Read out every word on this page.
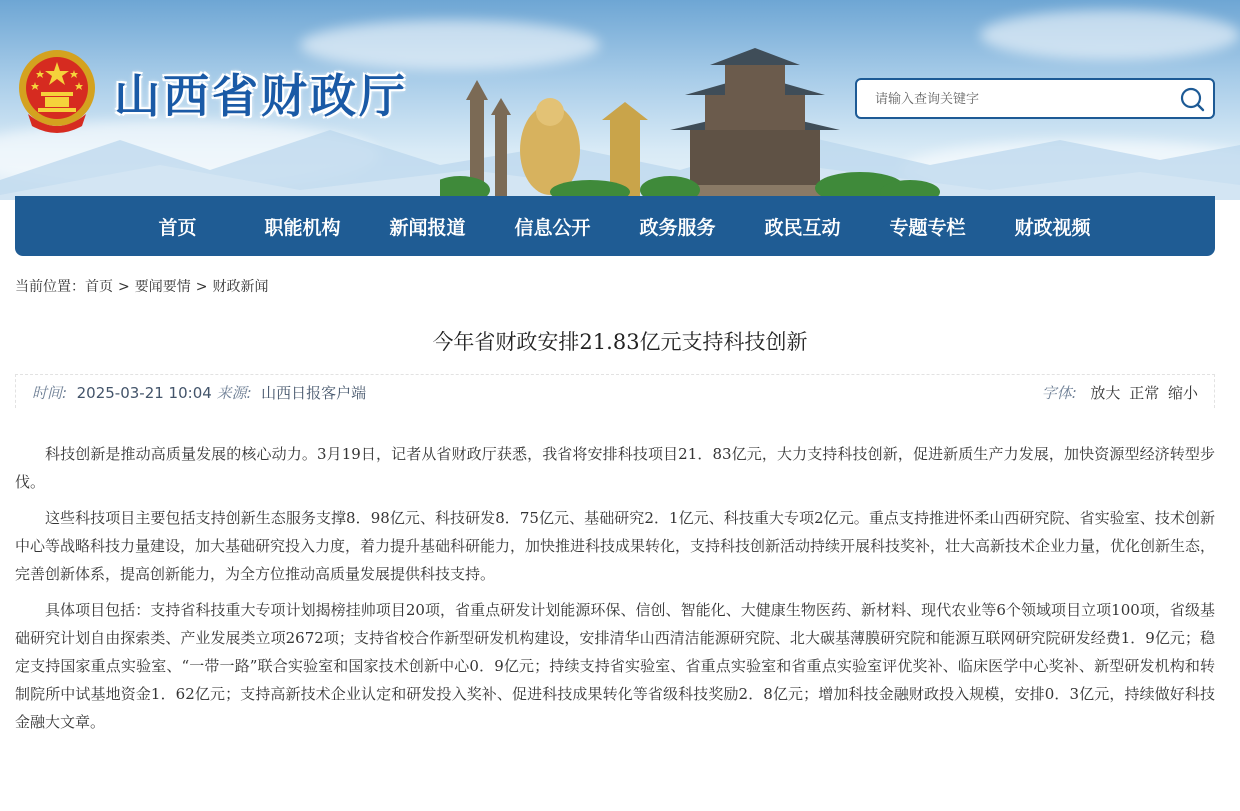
山西省财政厅
请输入查询关键字
首页	职能机构	新闻报道	信息公开	政务服务	政民互动	专题专栏	财政视频
当前位置：首页 > 要闻要情 > 财政新闻
今年省财政安排21.83亿元支持科技创新
时间: 2025-03-21 10:04 来源: 山西日报客户端	字体: 放大 正常 缩小

科技创新是推动高质量发展的核心动力。3月19日，记者从省财政厅获悉，我省将安排科技项目21．83亿元，大力支持科技创新，促进新质生产力发展，加快资源型经济转型步伐。

这些科技项目主要包括支持创新生态服务支撑8．98亿元、科技研发8．75亿元、基础研究2．1亿元、科技重大专项2亿元。重点支持推进怀柔山西研究院、省实验室、技术创新中心等战略科技力量建设，加大基础研究投入力度，着力提升基础科研能力，加快推进科技成果转化，支持科技创新活动持续开展科技奖补，壮大高新技术企业力量，优化创新生态，完善创新体系，提高创新能力，为全方位推动高质量发展提供科技支持。

具体项目包括：支持省科技重大专项计划揭榜挂帅项目20项，省重点研发计划能源环保、信创、智能化、大健康生物医药、新材料、现代农业等6个领域项目立项100项，省级基础研究计划自由探索类、产业发展类立项2672项；支持省校合作新型研发机构建设，安排清华山西清洁能源研究院、北大碳基薄膜研究院和能源互联网研究院研发经费1．9亿元；稳定支持国家重点实验室、“一带一路”联合实验室和国家技术创新中心0．9亿元；持续支持省实验室、省重点实验室和省重点实验室评优奖补、临床医学中心奖补、新型研发机构和转制院所中试基地资金1．62亿元；支持高新技术企业认定和研发投入奖补、促进科技成果转化等省级科技奖励2．8亿元；增加科技金融财政投入规模，安排0．3亿元，持续做好科技金融大文章。
